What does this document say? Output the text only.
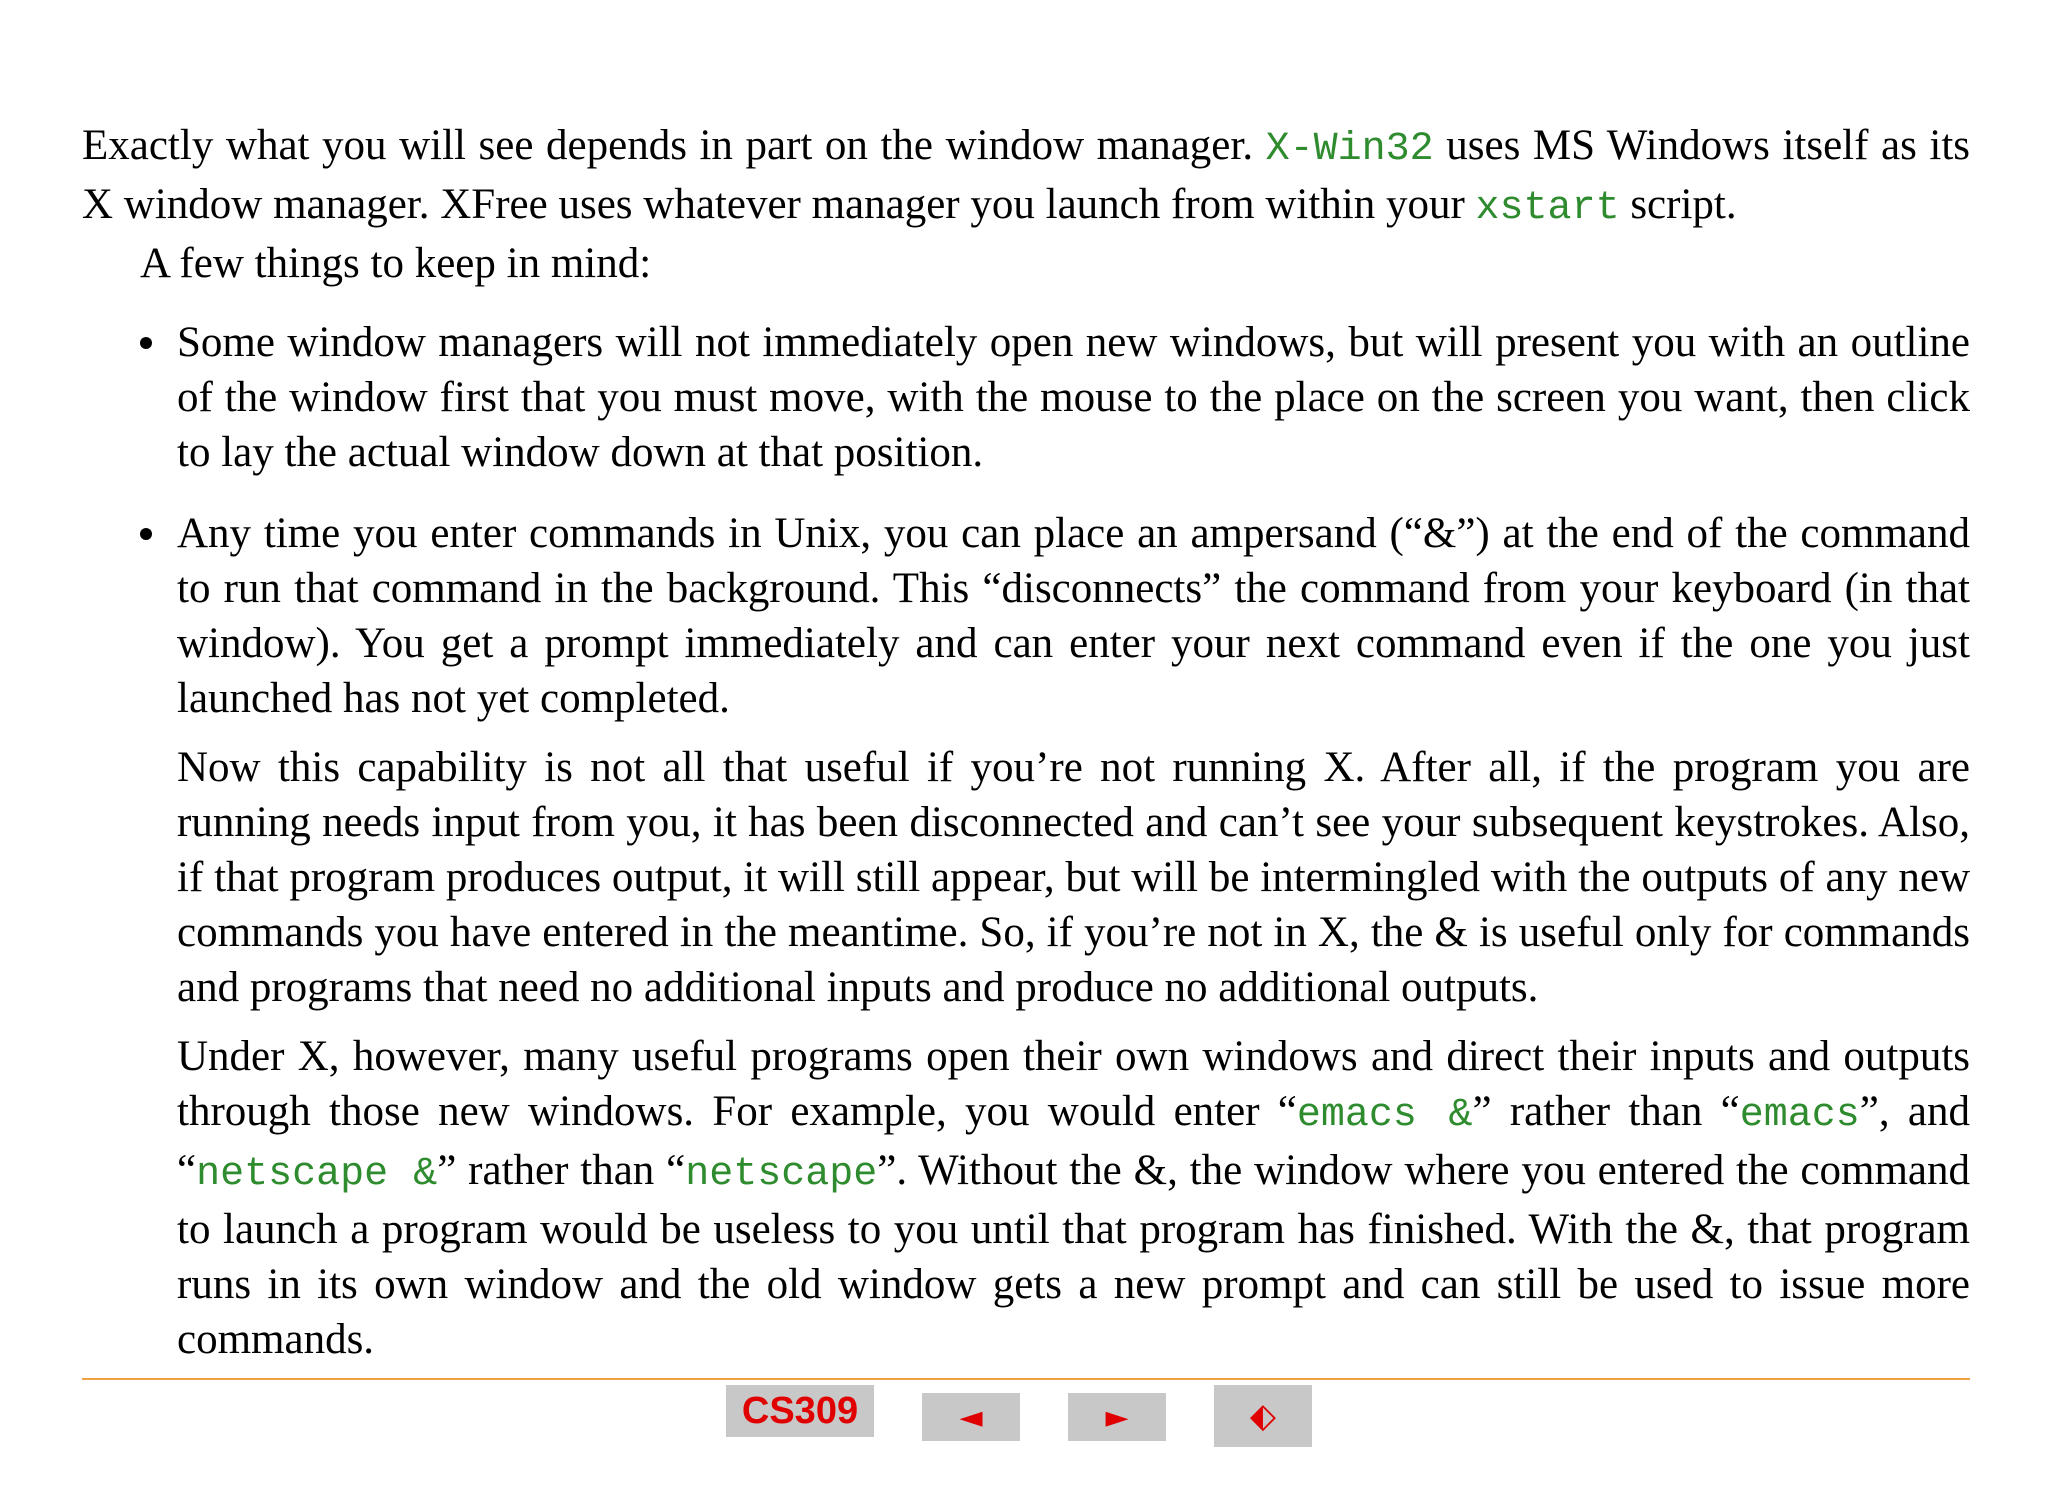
Exactly what you will see depends in part on the window manager. X-Win32 uses MS Windows itself as its X window manager. XFree uses whatever manager you launch from within your xstart script.

A few things to keep in mind:

Some window managers will not immediately open new windows, but will present you with an outline of the window first that you must move, with the mouse to the place on the screen you want, then click to lay the actual window down at that position.

Any time you enter commands in Unix, you can place an ampersand (“&”) at the end of the command to run that command in the background. This “disconnects” the command from your keyboard (in that window). You get a prompt immediately and can enter your next command even if the one you just launched has not yet completed.

Now this capability is not all that useful if you’re not running X. After all, if the program you are running needs input from you, it has been disconnected and can’t see your subsequent keystrokes. Also, if that program produces output, it will still appear, but will be intermingled with the outputs of any new commands you have entered in the meantime. So, if you’re not in X, the & is useful only for commands and programs that need no additional inputs and produce no additional outputs.

Under X, however, many useful programs open their own windows and direct their inputs and outputs through those new windows. For example, you would enter “emacs &” rather than “emacs”, and “netscape &” rather than “netscape”. Without the &, the window where you entered the command to launch a program would be useless to you until that program has finished. With the &, that program runs in its own window and the old window gets a new prompt and can still be used to issue more commands.

CS309	◄	►	⬖
